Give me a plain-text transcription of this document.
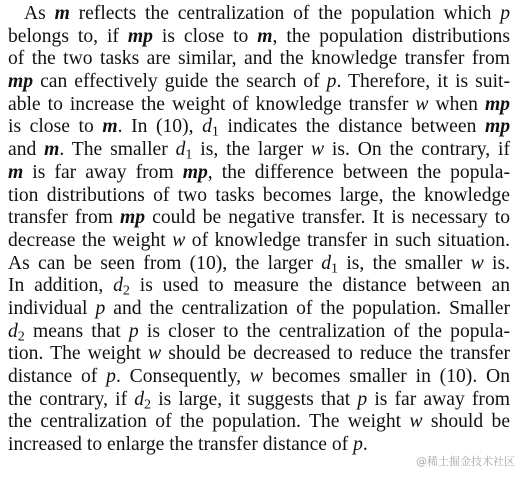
As m reflects the centralization of the population which p
belongs to, if mp is close to m, the population distributions
of the two tasks are similar, and the knowledge transfer from
mp can effectively guide the search of p. Therefore, it is suit-
able to increase the weight of knowledge transfer w when mp
is close to m. In (10), $d_1$ indicates the distance between mp
and m. The smaller $d_1$ is, the larger w is. On the contrary, if
m is far away from mp, the difference between the popula-
tion distributions of two tasks becomes large, the knowledge
transfer from mp could be negative transfer. It is necessary to
decrease the weight w of knowledge transfer in such situation.
As can be seen from (10), the larger $d_1$ is, the smaller w is.
In addition, $d_2$ is used to measure the distance between an
individual p and the centralization of the population. Smaller
$d_2$ means that p is closer to the centralization of the popula-
tion. The weight w should be decreased to reduce the transfer
distance of p. Consequently, w becomes smaller in (10). On
the contrary, if $d_2$ is large, it suggests that p is far away from
the centralization of the population. The weight w should be
increased to enlarge the transfer distance of p.
@稀土掘金技术社区
